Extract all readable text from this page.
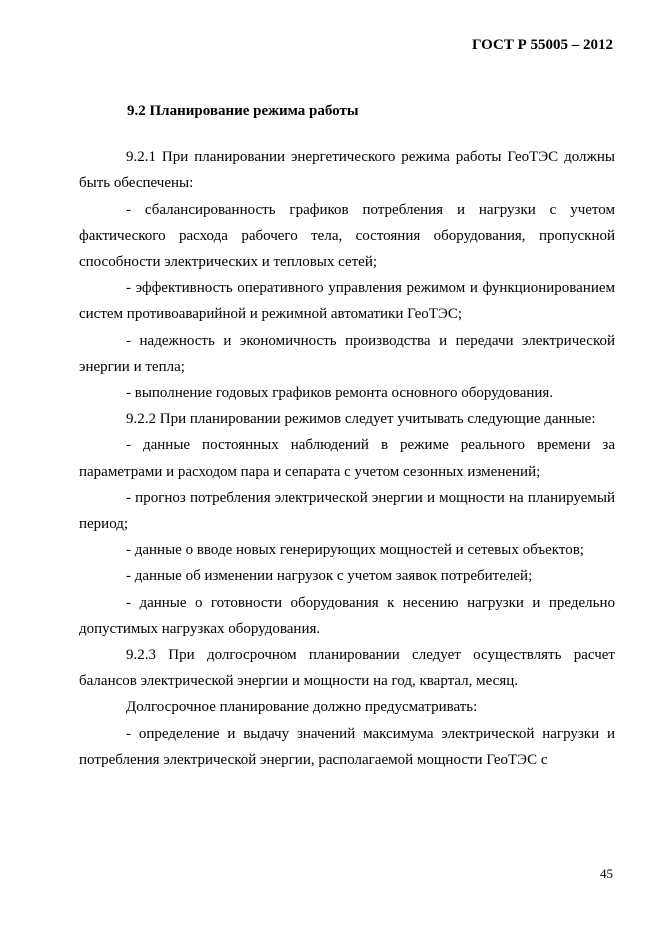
ГОСТ Р 55005 – 2012
9.2 Планирование режима работы

9.2.1 При планировании энергетического режима работы ГеоТЭС должны быть обеспечены:

- сбалансированность графиков потребления и нагрузки с учетом фактического расхода рабочего тела, состояния оборудования, пропускной способности электрических и тепловых сетей;

- эффективность оперативного управления режимом и функционированием систем противоаварийной и режимной автоматики ГеоТЭС;

- надежность и экономичность производства и передачи электрической энергии и тепла;

- выполнение годовых графиков ремонта основного оборудования.

9.2.2 При планировании режимов следует учитывать следующие данные:

- данные постоянных наблюдений в режиме реального времени за параметрами и расходом пара и сепарата с учетом сезонных изменений;

- прогноз потребления электрической энергии и мощности на планируемый период;

- данные о вводе новых генерирующих мощностей и сетевых объектов;

- данные об изменении нагрузок с учетом заявок потребителей;

- данные о готовности оборудования к несению нагрузки и предельно допустимых нагрузках оборудования.

9.2.3 При долгосрочном планировании следует осуществлять расчет балансов электрической энергии и мощности на год, квартал, месяц.

Долгосрочное планирование должно предусматривать:

- определение и выдачу значений максимума электрической нагрузки и потребления электрической энергии, располагаемой мощности ГеоТЭС с

45
